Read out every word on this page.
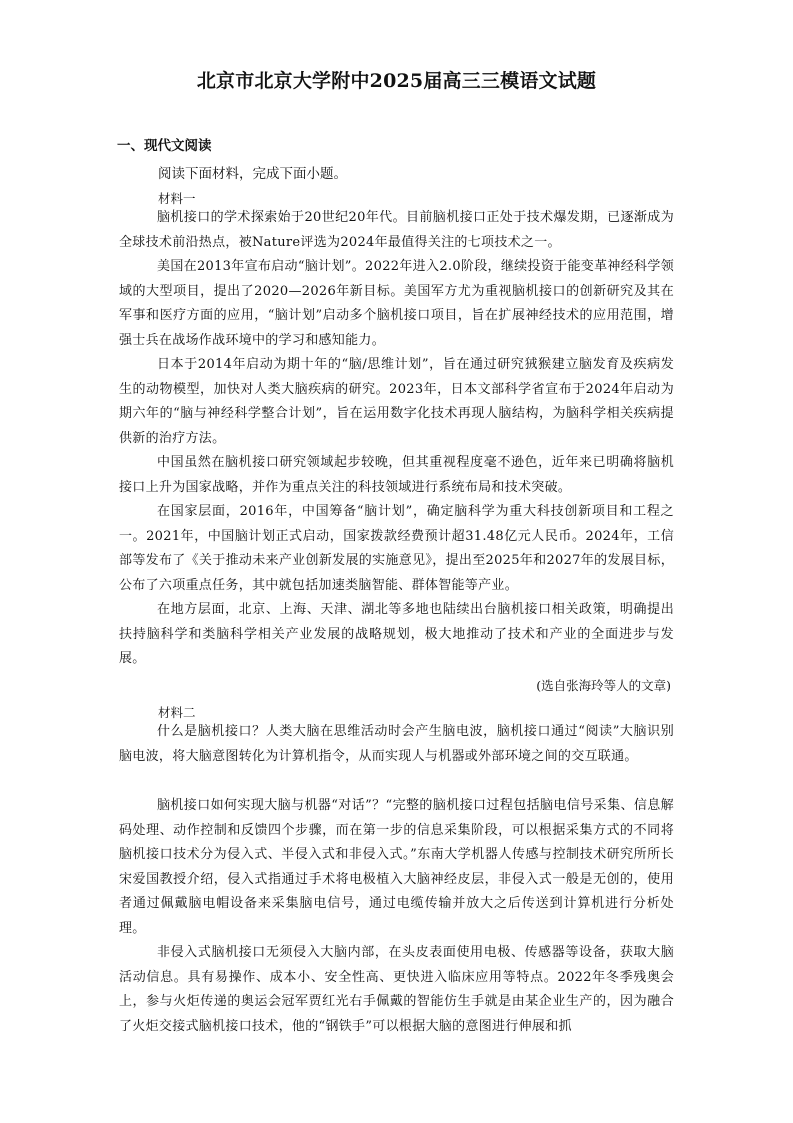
北京市北京大学附中2025届高三三模语文试题
一、现代文阅读
阅读下面材料，完成下面小题。
材料一

脑机接口的学术探索始于20世纪20年代。目前脑机接口正处于技术爆发期，已逐渐成为全球技术前沿热点，被Nature评选为2024年最值得关注的七项技术之一。

美国在2013年宣布启动“脑计划”。2022年进入2.0阶段，继续投资于能变革神经科学领域的大型项目，提出了2020—2026年新目标。美国军方尤为重视脑机接口的创新研究及其在军事和医疗方面的应用，“脑计划”启动多个脑机接口项目，旨在扩展神经技术的应用范围，增强士兵在战场作战环境中的学习和感知能力。

日本于2014年启动为期十年的“脑/思维计划”，旨在通过研究狨猴建立脑发育及疾病发生的动物模型，加快对人类大脑疾病的研究。2023年，日本文部科学省宣布于2024年启动为期六年的“脑与神经科学整合计划”，旨在运用数字化技术再现人脑结构，为脑科学相关疾病提供新的治疗方法。

中国虽然在脑机接口研究领域起步较晚，但其重视程度毫不逊色，近年来已明确将脑机接口上升为国家战略，并作为重点关注的科技领域进行系统布局和技术突破。

在国家层面，2016年，中国筹备“脑计划”，确定脑科学为重大科技创新项目和工程之一。2021年，中国脑计划正式启动，国家拨款经费预计超31.48亿元人民币。2024年，工信部等发布了《关于推动未来产业创新发展的实施意见》，提出至2025年和2027年的发展目标，公布了六项重点任务，其中就包括加速类脑智能、群体智能等产业。

在地方层面，北京、上海、天津、湖北等多地也陆续出台脑机接口相关政策，明确提出扶持脑科学和类脑科学相关产业发展的战略规划，极大地推动了技术和产业的全面进步与发展。

(选自张海玲等人的文章)
材料二

什么是脑机接口？人类大脑在思维活动时会产生脑电波，脑机接口通过“阅读”大脑识别脑电波，将大脑意图转化为计算机指令，从而实现人与机器或外部环境之间的交互联通。

脑机接口如何实现大脑与机器“对话”？“完整的脑机接口过程包括脑电信号采集、信息解码处理、动作控制和反馈四个步骤，而在第一步的信息采集阶段，可以根据采集方式的不同将脑机接口技术分为侵入式、半侵入式和非侵入式。”东南大学机器人传感与控制技术研究所所长宋爱国教授介绍，侵入式指通过手术将电极植入大脑神经皮层，非侵入式一般是无创的，使用者通过佩戴脑电帽设备来采集脑电信号，通过电缆传输并放大之后传送到计算机进行分析处理。

非侵入式脑机接口无须侵入大脑内部，在头皮表面使用电极、传感器等设备，获取大脑活动信息。具有易操作、成本小、安全性高、更快进入临床应用等特点。2022年冬季残奥会上，参与火炬传递的奥运会冠军贾红光右手佩戴的智能仿生手就是由某企业生产的，因为融合了火炬交接式脑机接口技术，他的“钢铁手”可以根据大脑的意图进行伸展和抓
